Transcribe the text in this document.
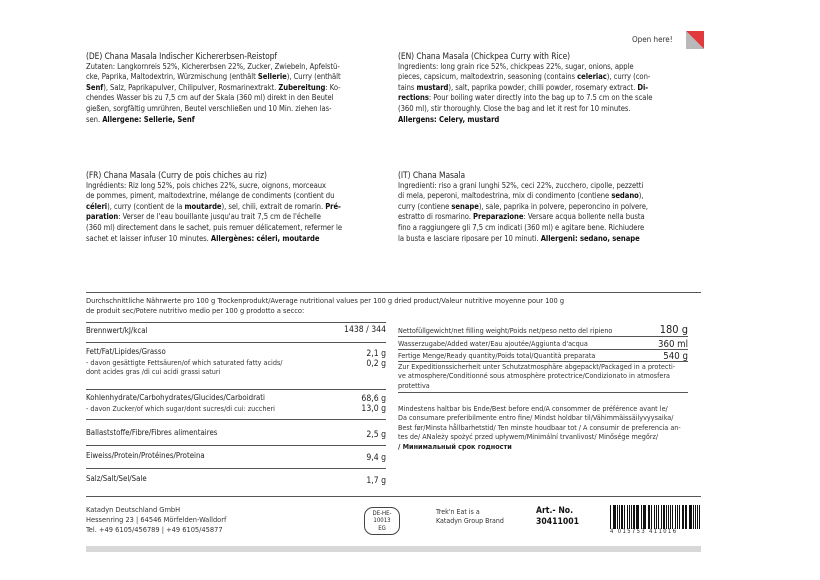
Open here!
(DE) Chana Masala Indischer Kichererbsen-Reistopf
Zutaten: Langkornreis 52%, Kichererbsen 22%, Zucker, Zwiebeln, Apfelstü-
cke, Paprika, Maltodextrin, Würzmischung (enthält Sellerie), Curry (enthält
Senf), Salz, Paprikapulver, Chilipulver, Rosmarinextrakt. Zubereitung: Ko-
chendes Wasser bis zu 7,5 cm auf der Skala (360 ml) direkt in den Beutel
gießen, sorgfältig umrühren, Beutel verschließen und 10 Min. ziehen las-
sen. Allergene: Sellerie, Senf
(EN) Chana Masala (Chickpea Curry with Rice)
Ingredients: long grain rice 52%, chickpeas 22%, sugar, onions, apple
pieces, capsicum, maltodextrin, seasoning (contains celeriac), curry (con-
tains mustard), salt, paprika powder, chilli powder, rosemary extract. Di-
rections: Pour boiling water directly into the bag up to 7.5 cm on the scale
(360 ml), stir thoroughly. Close the bag and let it rest for 10 minutes.
Allergens: Celery, mustard
(FR) Chana Masala (Curry de pois chiches au riz)
Ingrédients: Riz long 52%, pois chiches 22%, sucre, oignons, morceaux
de pommes, piment, maltodextrine, mélange de condiments (contient du
céleri), curry (contient de la moutarde), sel, chili, extrait de romarin. Pré-
paration: Verser de l'eau bouillante jusqu'au trait 7,5 cm de l'échelle
(360 ml) directement dans le sachet, puis remuer délicatement, refermer le
sachet et laisser infuser 10 minutes. Allergènes: céleri, moutarde
(IT) Chana Masala
Ingredienti: riso a grani lunghi 52%, ceci 22%, zucchero, cipolle, pezzetti
di mela, peperoni, maltodestrina, mix di condimento (contiene sedano),
curry (contiene senape), sale, paprika in polvere, peperoncino in polvere,
estratto di rosmarino. Preparazione: Versare acqua bollente nella busta
fino a raggiungere gli 7,5 cm indicati (360 ml) e agitare bene. Richiudere
la busta e lasciare riposare per 10 minuti. Allergeni: sedano, senape
Durchschnittliche Nährwerte pro 100 g Trockenprodukt/Average nutritional values per 100 g dried product/Valeur nutritive moyenne pour 100 g
de produit sec/Potere nutritivo medio per 100 g prodotto a secco:
Brennwert/kJ/kcal	1438 / 344
Fett/Fat/Lipides/Grasso	2,1 g
- davon gesättigte Fettsäuren/of which saturated fatty acids/
dont acides gras /di cui acidi grassi saturi
0,2 g
Kohlenhydrate/Carbohydrates/Glucides/Carboidrati	68,6 g
- davon Zucker/of which sugar/dont sucres/di cui: zuccheri	13,0 g
Ballaststoffe/Fibre/Fibres alimentaires	2,5 g
Eiweiss/Protein/Protéines/Proteina	9,4 g
Salz/Salt/Sel/Sale	1,7 g
Nettofüllgewicht/net filling weight/Poids net/peso netto del ripieno	180 g
Wasserzugabe/Added water/Eau ajoutée/Aggiunta d'acqua	360 ml
Fertige Menge/Ready quantity/Poids total/Quantità preparata	540 g
Zur Expeditionssicherheit unter Schutzatmosphäre abgepackt/Packaged in a protecti-
ve atmosphere/Conditionné sous atmosphère protectrice/Condizionato in atmosfera
protettiva
Mindestens haltbar bis Ende/Best before end/A consommer de préférence avant le/
Da consumare preferibilmente entro fine/ Mindst holdbar til/Vähimmäissäilyvyysaika/
Best før/Minsta hållbarhetstid/ Ten minste houdbaar tot / A consumir de preferencia an-
tes de/ ANależy spożyć przed upływem/Minimální trvanlivost/ Minősége megőrz/
/ Минимальный срок годности
Katadyn Deutschland GmbH
Hessenring 23 | 64546 Mörfelden-Walldorf
Tel. +49 6105/456789 | +49 6105/45877
DE-HE-
10013
EG
Trek'n Eat is a
Katadyn Group Brand
Art.- No.
30411001
4 015753 411016
